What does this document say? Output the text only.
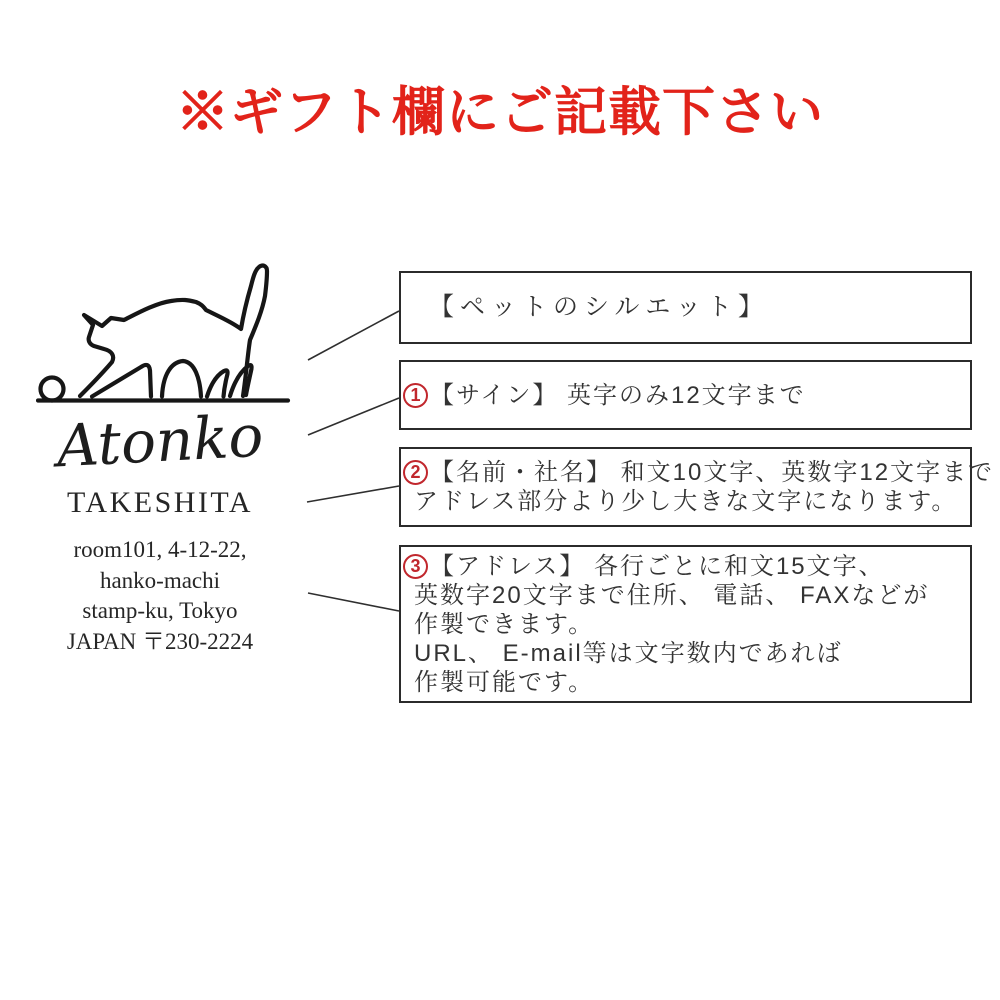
※ギフト欄にご記載下さい
Atonko
TAKESHITA
room101, 4-12-22,
hanko-machi
stamp-ku, Tokyo
JAPAN 〒230-2224
【ペットのシルエット】
1 【サイン】 英字のみ12文字まで
2 【名前・社名】 和文10文字、英数字12文字まで
アドレス部分より少し大きな文字になります。
3 【アドレス】 各行ごとに和文15文字、
英数字20文字まで住所、 電話、 FAXなどが
作製できます。
URL、 E-mail等は文字数内であれば
作製可能です。
